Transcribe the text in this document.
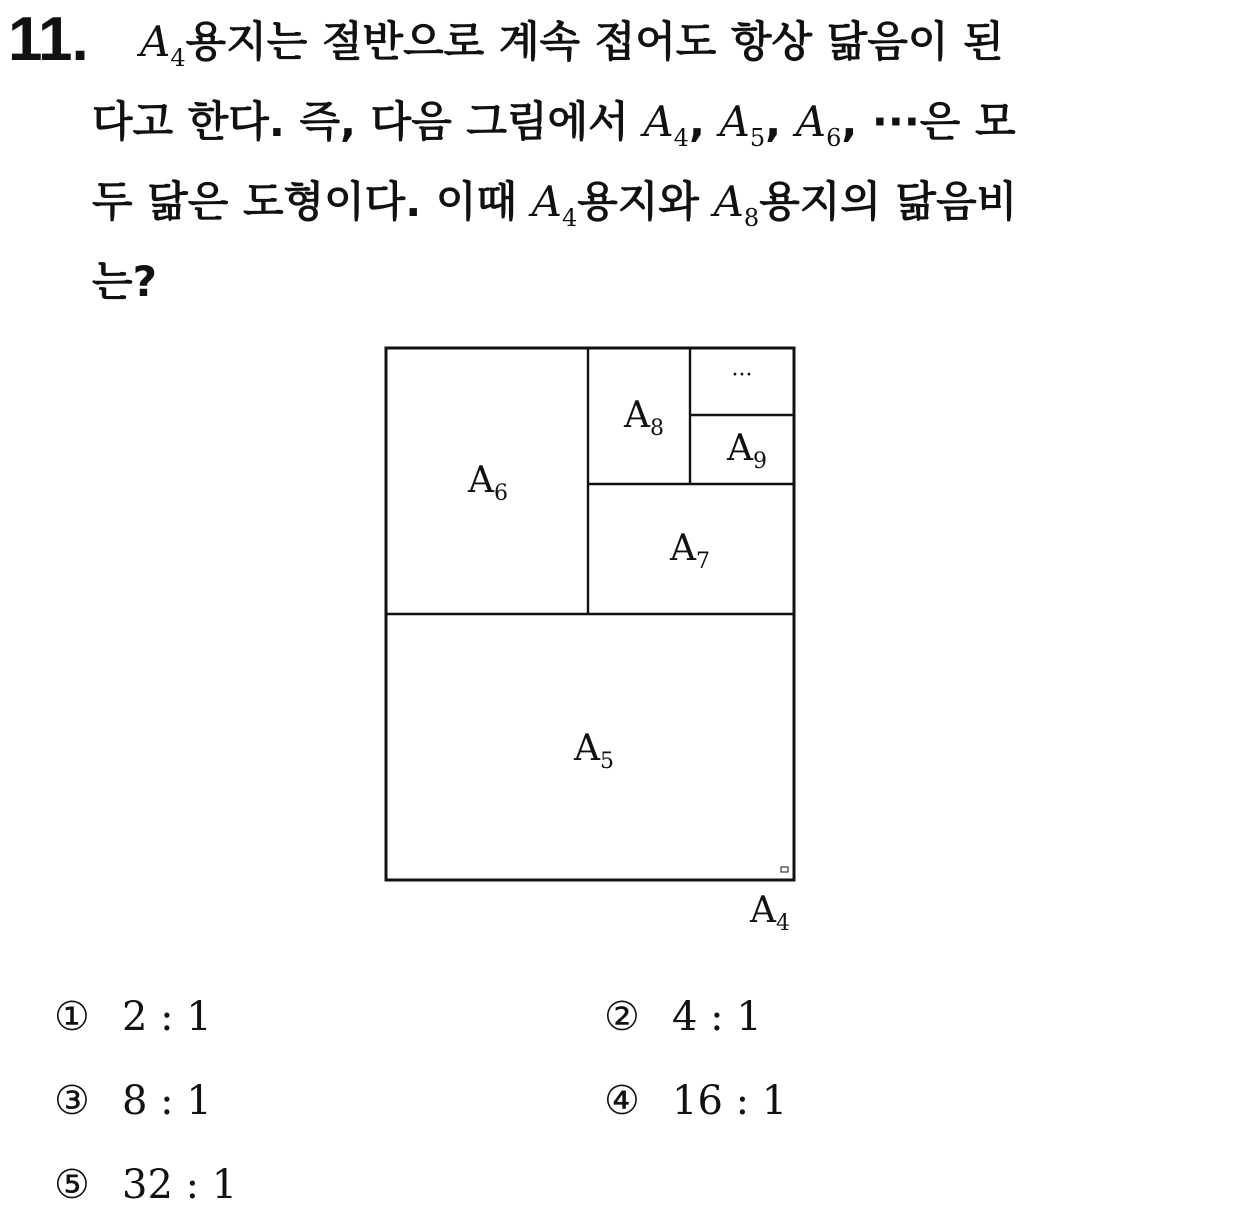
11. $A_4$용지는 절반으로 계속 접어도 항상 닮음이 된
다고 한다. 즉, 다음 그림에서 $A_4$, $A_5$, $A_6$, ···은 모
두 닮은 도형이다. 이때 $A_4$용지와 $A_8$용지의 닮음비
는?
A6
A8 A9
···
A7
A5
A4
① 2 : 1	② 4 : 1
③ 8 : 1	④ 16 : 1
⑤ 32 : 1
